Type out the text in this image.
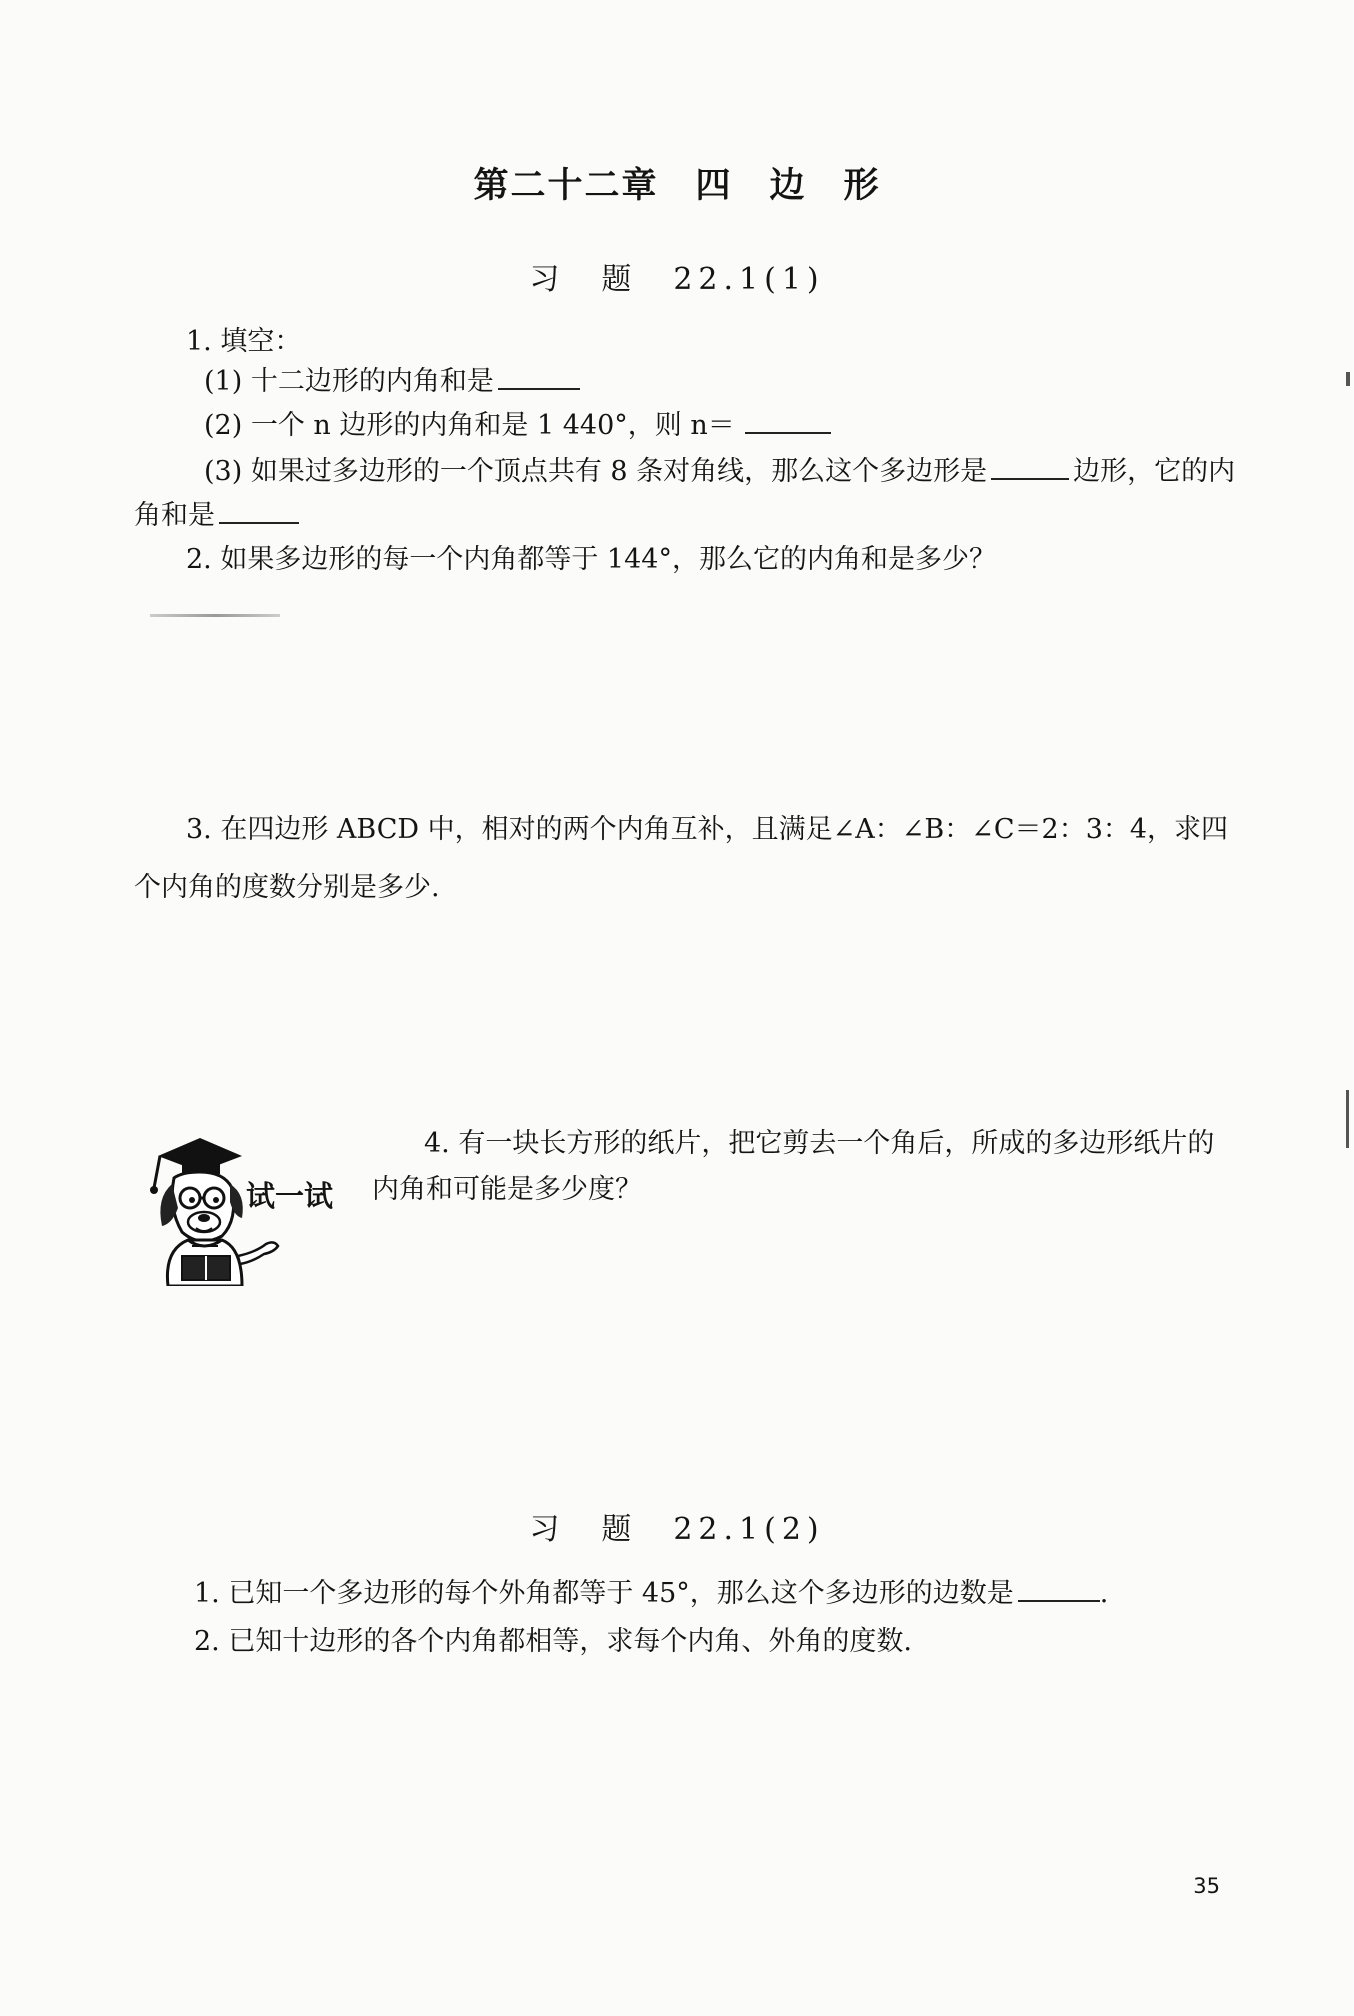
第二十二章　四　边　形
习　题　22.1(1)
1. 填空：
(1) 十二边形的内角和是
(2) 一个 n 边形的内角和是 1 440°，则 n＝
(3) 如果过多边形的一个顶点共有 8 条对角线，那么这个多边形是	边形，它的内
角和是
2. 如果多边形的每一个内角都等于 144°，那么它的内角和是多少？
3. 在四边形 ABCD 中，相对的两个内角互补，且满足∠A：∠B：∠C＝2：3：4，求四
个内角的度数分别是多少.
试一试
4. 有一块长方形的纸片，把它剪去一个角后，所成的多边形纸片的
内角和可能是多少度？
习　题　22.1(2)
1. 已知一个多边形的每个外角都等于 45°，那么这个多边形的边数是	.
2. 已知十边形的各个内角都相等，求每个内角、外角的度数.
35
